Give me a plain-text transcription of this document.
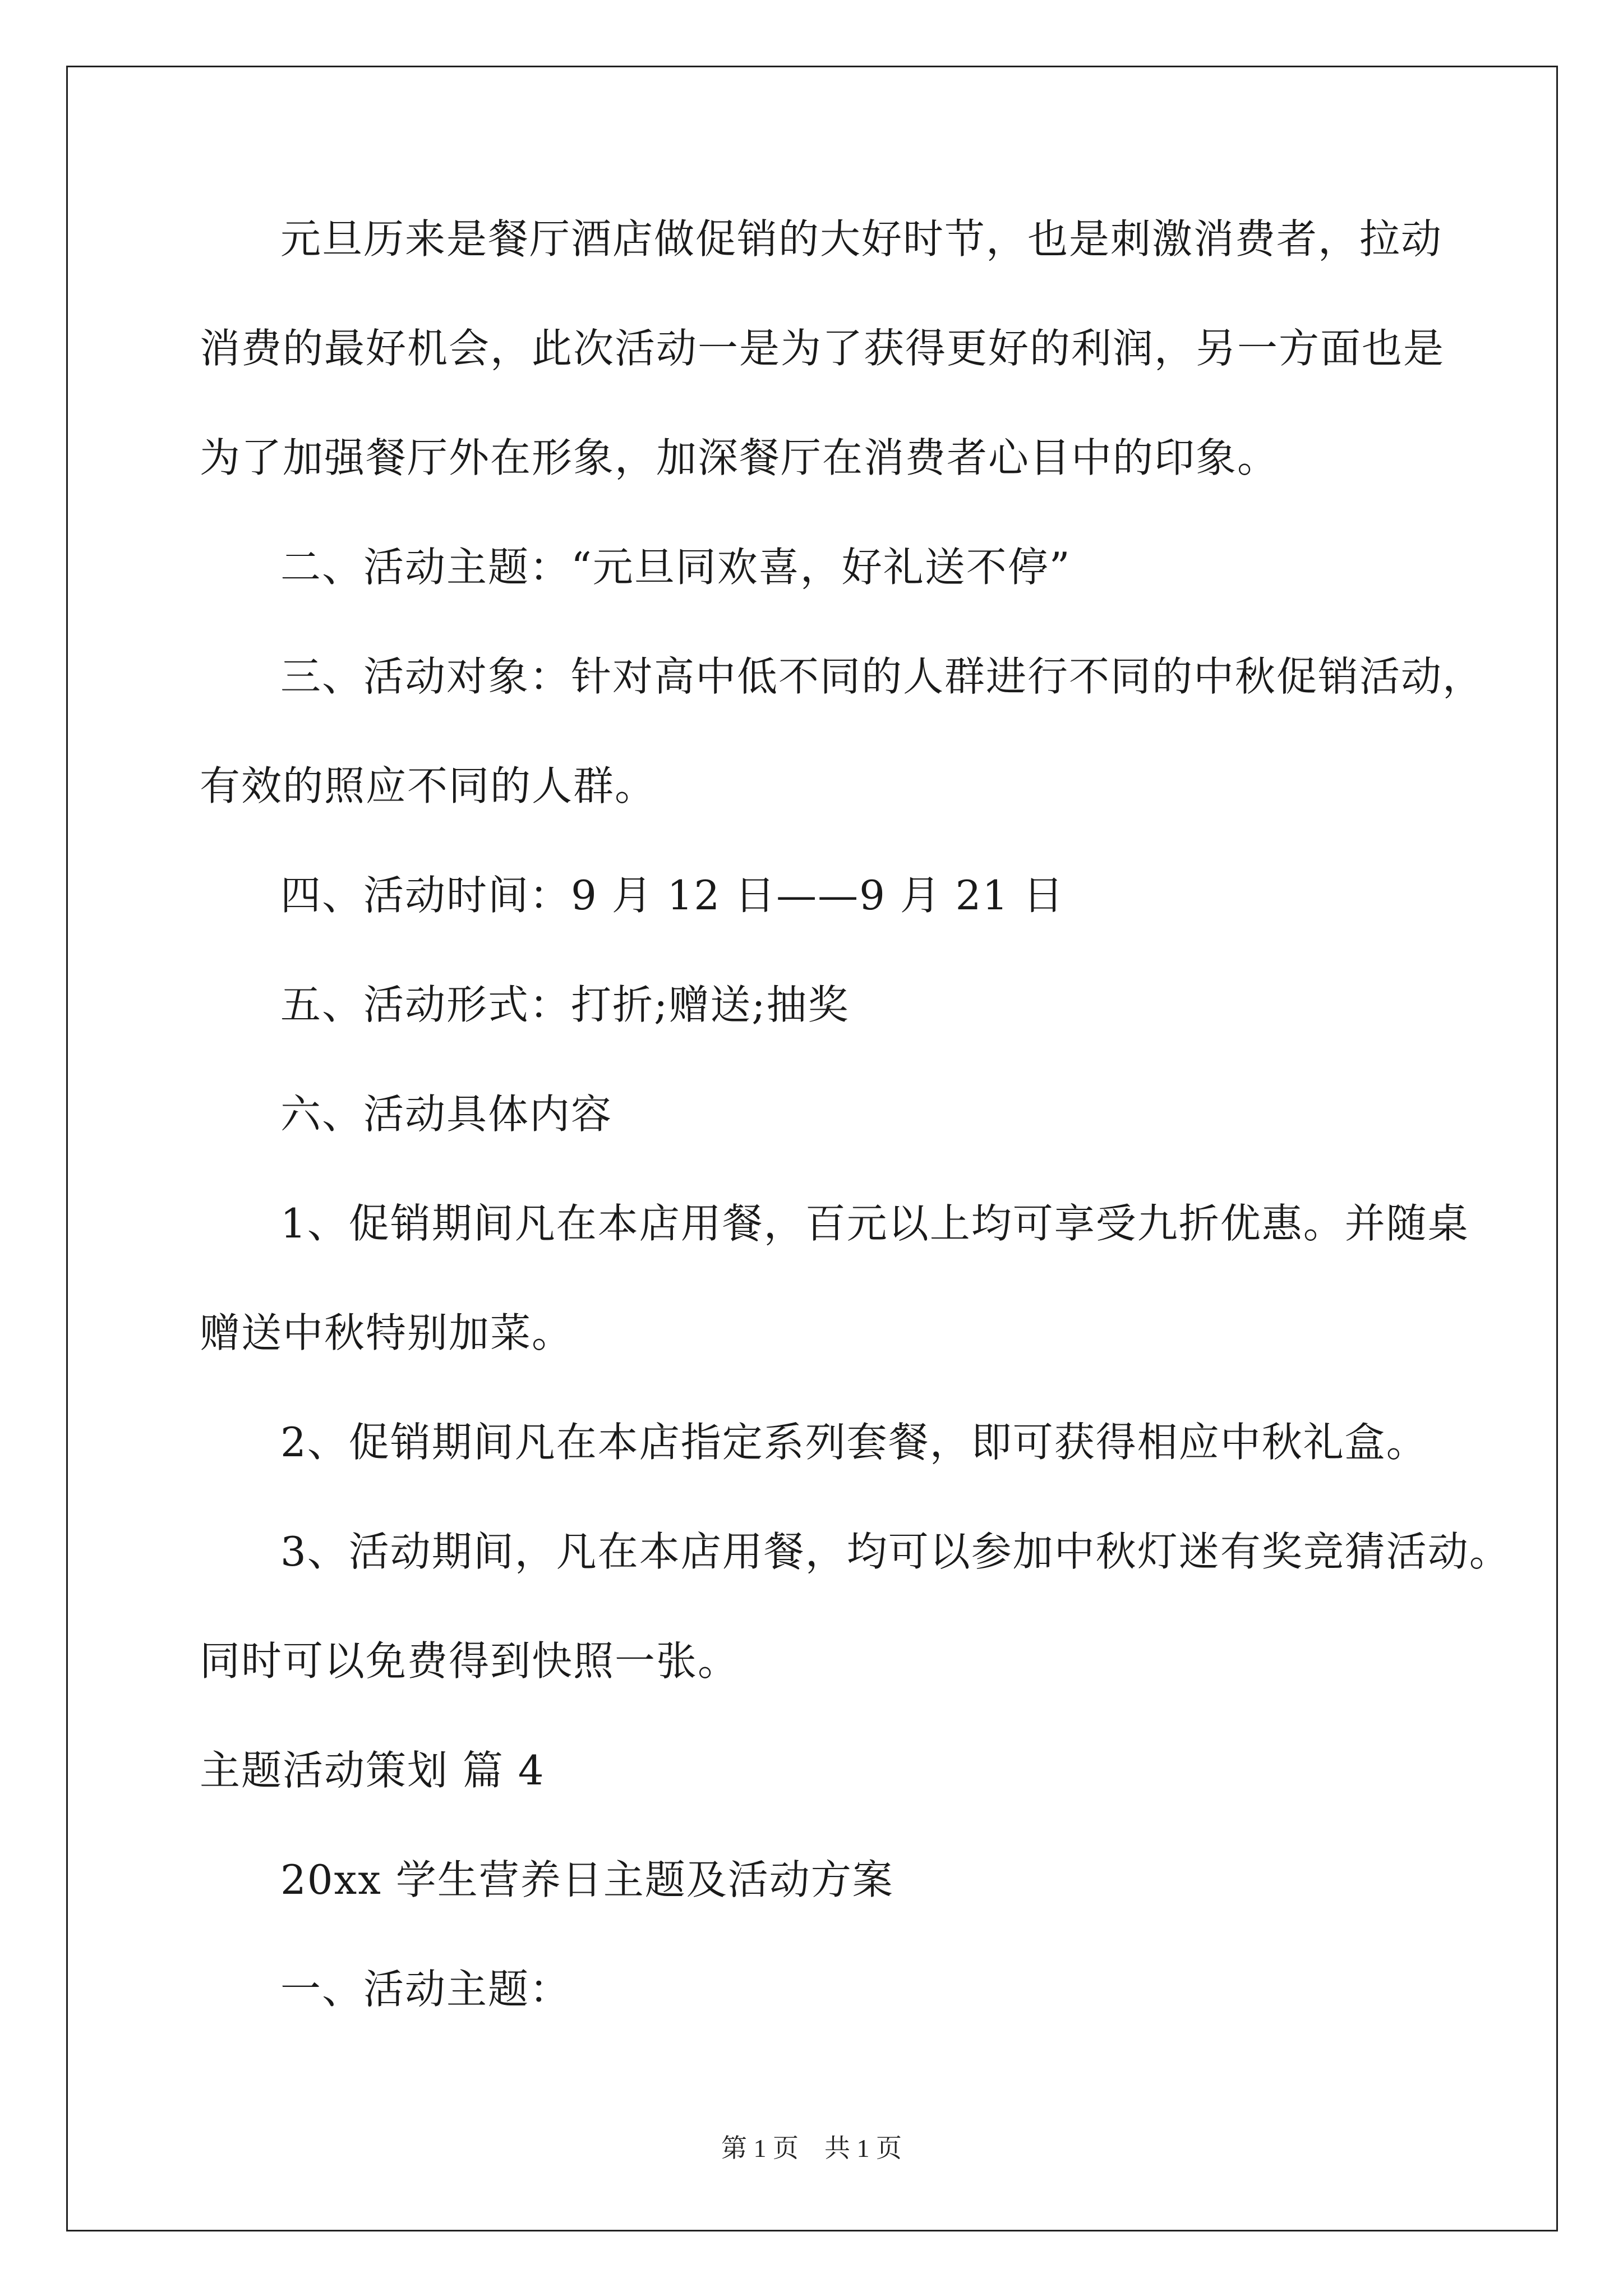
元旦历来是餐厅酒店做促销的大好时节，也是刺激消费者，拉动

消费的最好机会，此次活动一是为了获得更好的利润，另一方面也是

为了加强餐厅外在形象，加深餐厅在消费者心目中的印象。

二、活动主题：“元旦同欢喜，好礼送不停”

三、活动对象：针对高中低不同的人群进行不同的中秋促销活动，

有效的照应不同的人群。

四、活动时间：9 月 12 日——9 月 21 日

五、活动形式：打折;赠送;抽奖

六、活动具体内容

1、促销期间凡在本店用餐，百元以上均可享受九折优惠。并随桌

赠送中秋特别加菜。

2、促销期间凡在本店指定系列套餐，即可获得相应中秋礼盒。

3、活动期间，凡在本店用餐，均可以参加中秋灯迷有奖竞猜活动。

同时可以免费得到快照一张。

主题活动策划 篇 4

20xx 学生营养日主题及活动方案

一、活动主题：

第 1 页　共 1 页
